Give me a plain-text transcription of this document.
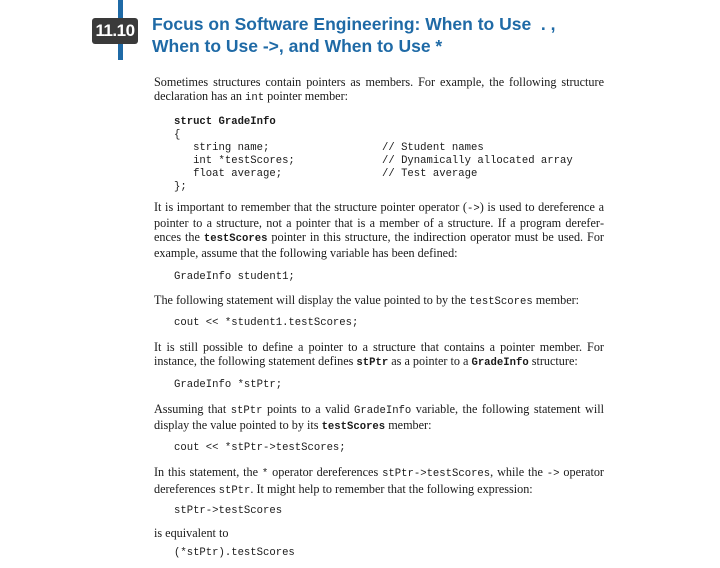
11.10 Focus on Software Engineering: When to Use  . ,
When to Use ->, and When to Use *

Sometimes structures contain pointers as members. For example, the following structure declaration has an int pointer member:

struct GradeInfo
{
string name;	// Student names
int *testScores;	// Dynamically allocated array
float average;	// Test average
};

It is important to remember that the structure pointer operator (->) is used to dereference a pointer to a structure, not a pointer that is a member of a structure. If a program dereferences the testScores pointer in this structure, the indirection operator must be used. For example, assume that the following variable has been defined:

GradeInfo student1;

The following statement will display the value pointed to by the testScores member:

cout << *student1.testScores;

It is still possible to define a pointer to a structure that contains a pointer member. For instance, the following statement defines stPtr as a pointer to a GradeInfo structure:

GradeInfo *stPtr;

Assuming that stPtr points to a valid GradeInfo variable, the following statement will display the value pointed to by its testScores member:

cout << *stPtr->testScores;

In this statement, the * operator dereferences stPtr->testScores, while the -> operator dereferences stPtr. It might help to remember that the following expression:

stPtr->testScores

is equivalent to

(*stPtr).testScores
